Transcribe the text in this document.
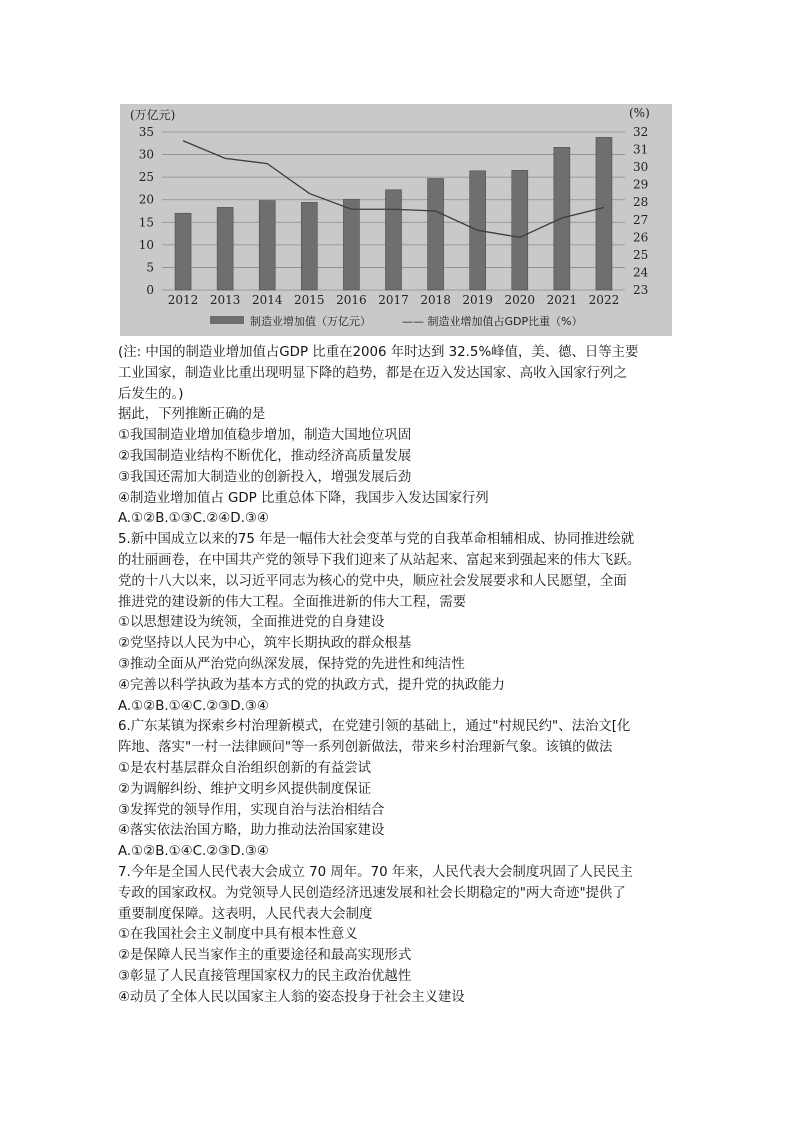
0
5
10
15
20
25
30
35
23
24
25
26
27
28
29
30
31
32
(万亿元)	(%)
2012 2013 2014 2015 2016 2017 2018 2019 2020 2021 2022
制造业增加值（万亿元）	—— 制造业增加值占GDP比重（%）

(注: 中国的制造业增加值占GDP 比重在2006 年时达到 32.5%峰值，美、德、日等主要

工业国家，制造业比重出现明显下降的趋势，都是在迈入发达国家、高收入国家行列之

后发生的。)

据此，下列推断正确的是

①我国制造业增加值稳步增加，制造大国地位巩固

②我国制造业结构不断优化，推动经济高质量发展

③我国还需加大制造业的创新投入，增强发展后劲

④制造业增加值占 GDP 比重总体下降，我国步入发达国家行列

A.①②B.①③C.②④D.③④

5.新中国成立以来的75 年是一幅伟大社会变革与党的自我革命相辅相成、协同推进绘就

的壮丽画卷，在中国共产党的领导下我们迎来了从站起来、富起来到强起来的伟大飞跃。

党的十八大以来，以习近平同志为核心的党中央，顺应社会发展要求和人民愿望，全面

推进党的建设新的伟大工程。全面推进新的伟大工程，需要

①以思想建设为统领，全面推进党的自身建设

②党坚持以人民为中心，筑牢长期执政的群众根基

③推动全面从严治党向纵深发展，保持党的先进性和纯洁性

④完善以科学执政为基本方式的党的执政方式，提升党的执政能力

A.①②B.①④C.②③D.③④

6.广东某镇为探索乡村治理新模式，在党建引领的基础上，通过"村规民约"、法治文[化

阵地、落实"一村一法律顾问"等一系列创新做法，带来乡村治理新气象。该镇的做法

①是农村基层群众自治组织创新的有益尝试

②为调解纠纷、维护文明乡风提供制度保证

③发挥党的领导作用，实现自治与法治相结合

④落实依法治国方略，助力推动法治国家建设

A.①②B.①④C.②③D.③④

7.今年是全国人民代表大会成立 70 周年。70 年来，人民代表大会制度巩固了人民民主

专政的国家政权。为党领导人民创造经济迅速发展和社会长期稳定的"两大奇迹"提供了

重要制度保障。这表明，人民代表大会制度

①在我国社会主义制度中具有根本性意义

②是保障人民当家作主的重要途径和最高实现形式

③彰显了人民直接管理国家权力的民主政治优越性

④动员了全体人民以国家主人翁的姿态投身于社会主义建设
